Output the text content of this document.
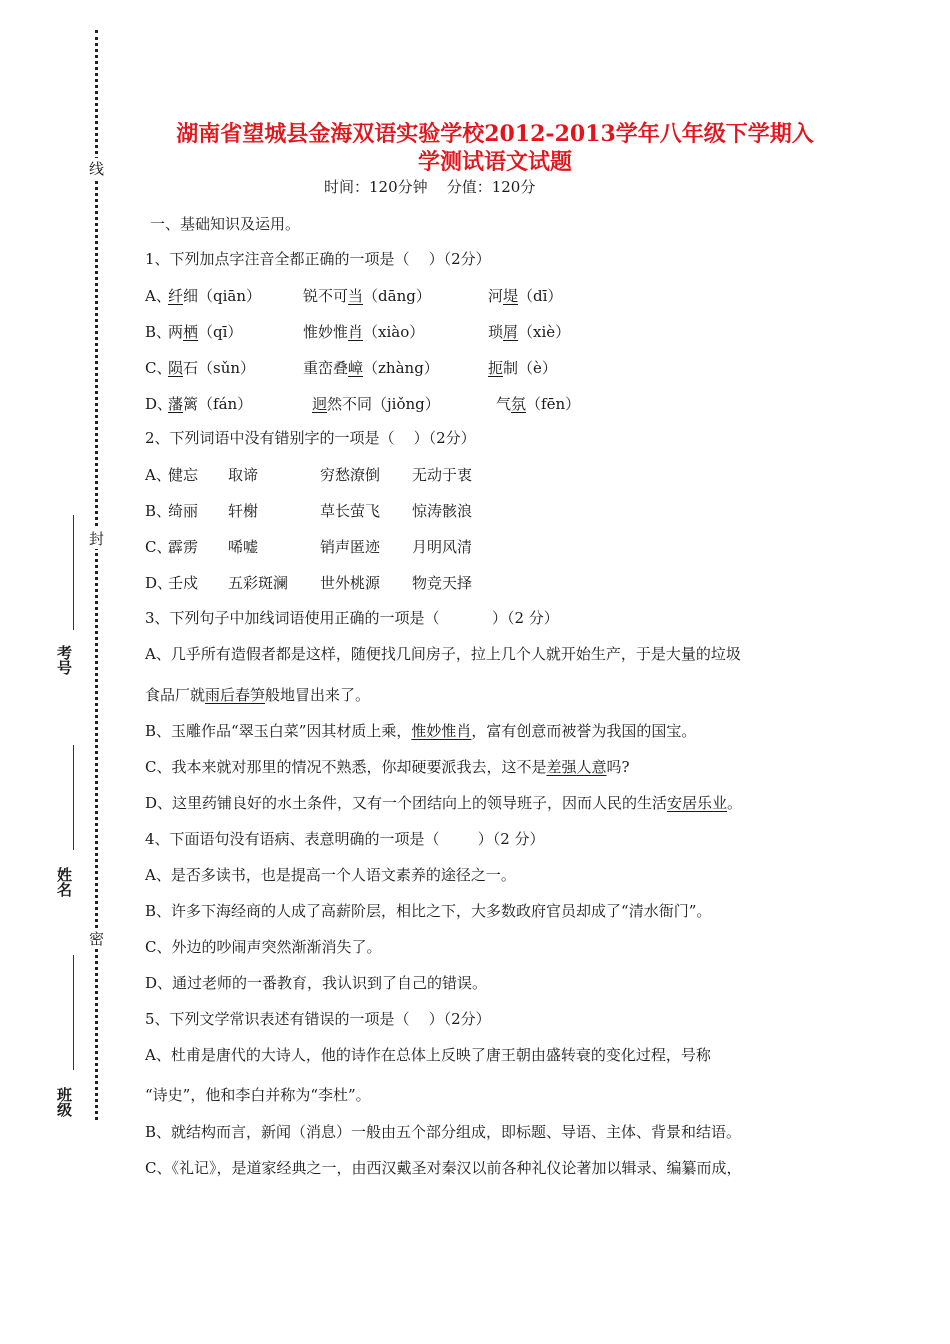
线
封
密
考号
姓名
班级
湖南省望城县金海双语实验学校2012-2013学年八年级下学期入
学测试语文试题
时间：120分钟    分值：120分
一、基础知识及运用。
1、下列加点字注音全都正确的一项是（    ）（2分）
A、
纤细（qiān）	锐不可当（dāng）	河堤（dī）
B、
两栖（qī）	惟妙惟肖（xiào）	琐屑（xiè）
C、
陨石（sǔn）	重峦叠嶂（zhàng）	扼制（è）
D、
藩篱（fán）	迥然不同（jiǒng）	气氛（fēn）
2、下列词语中没有错别字的一项是（    ）（2分）
A、
健忘 取谛	穷愁潦倒 无动于衷
B、
绮丽 轩榭	草长萤飞 惊涛骸浪
C、
霹雳 唏嘘	销声匿迹 月明风清
D、
壬戍 五彩斑澜 世外桃源 物竞天择
3、下列句子中加线词语使用正确的一项是（           ）（2 分）
A、几乎所有造假者都是这样，随便找几间房子，拉上几个人就开始生产，于是大量的垃圾
食品厂就雨后春笋般地冒出来了。
B、玉雕作品“翠玉白菜”因其材质上乘，惟妙惟肖，富有创意而被誉为我国的国宝。
C、我本来就对那里的情况不熟悉，你却硬要派我去，这不是差强人意吗?
D、这里药铺良好的水土条件，又有一个团结向上的领导班子，因而人民的生活安居乐业。
4、下面语句没有语病、表意明确的一项是（        ）（2 分）
A、是否多读书，也是提高一个人语文素养的途径之一。
B、许多下海经商的人成了高薪阶层，相比之下，大多数政府官员却成了“清水衙门”。
C、外边的吵闹声突然渐渐消失了。
D、通过老师的一番教育，我认识到了自己的错误。
5、下列文学常识表述有错误的一项是（    ）（2分）
A、杜甫是唐代的大诗人，他的诗作在总体上反映了唐王朝由盛转衰的变化过程，号称
“诗史”，他和李白并称为“李杜”。
B、就结构而言，新闻（消息）一般由五个部分组成，即标题、导语、主体、背景和结语。
C、《礼记》，是道家经典之一，由西汉戴圣对秦汉以前各种礼仪论著加以辑录、编纂而成，
